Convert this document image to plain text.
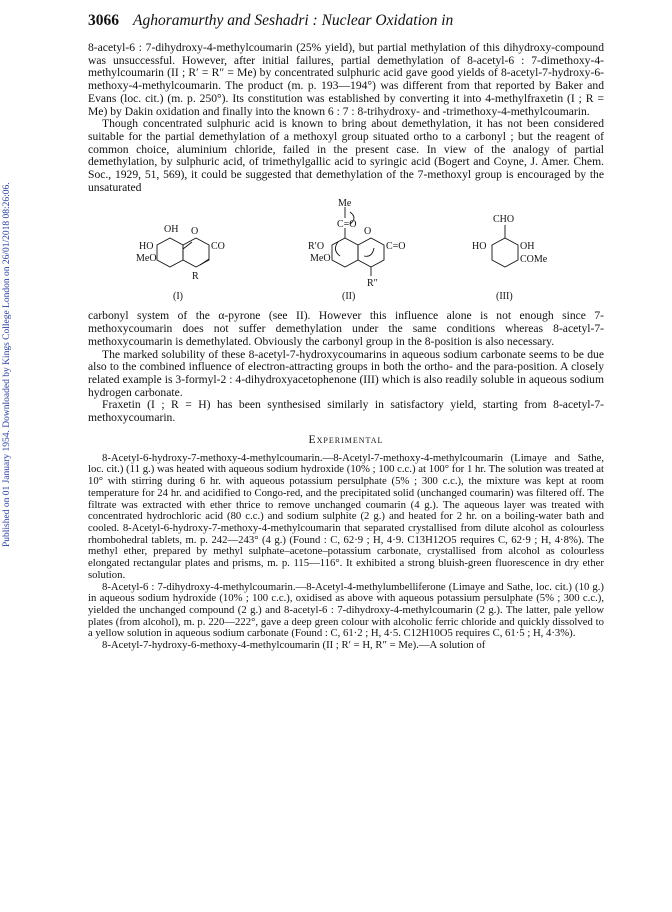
Published on 01 January 1954. Downloaded by Kings College London on 26/01/2018 08:26:06.
3066 Aghoramurthy and Seshadri : Nuclear Oxidation in

8-acetyl-6 : 7-dihydroxy-4-methylcoumarin (25% yield), but partial methylation of this dihydroxy-compound was unsuccessful. However, after initial failures, partial demethylation of 8-acetyl-6 : 7-dimethoxy-4-methylcoumarin (II ; R′ = R″ = Me) by concentrated sulphuric acid gave good yields of 8-acetyl-7-hydroxy-6-methoxy-4-methylcoumarin. The product (m. p. 193—194°) was different from that reported by Baker and Evans (loc. cit.) (m. p. 250°). Its constitution was established by converting it into 4-methylfraxetin (I ; R = Me) by Dakin oxidation and finally into the known 6 : 7 : 8-trihydroxy- and -trimethoxy-4-methylcoumarin.

Though concentrated sulphuric acid is known to bring about demethylation, it has not been considered suitable for the partial demethylation of a methoxyl group situated ortho to a carbonyl ; but the reagent of common choice, aluminium chloride, failed in the present case. In view of the analogy of partial demethylation, by sulphuric acid, of trimethylgallic acid to syringic acid (Bogert and Coyne, J. Amer. Chem. Soc., 1929, 51, 569), it could be suggested that demethylation of the 7-methoxyl group is encouraged by the unsaturated

OH
HO
MeO
O
CO
R
(I)
Me
C=O
R′O
MeO
O
C=O
R″
(II)
CHO
HO	OH
COMe
(III)

carbonyl system of the α-pyrone (see II). However this influence alone is not enough since 7-methoxycoumarin does not suffer demethylation under the same conditions whereas 8-acetyl-7-methoxycoumarin is demethylated. Obviously the carbonyl group in the 8-position is also necessary.

The marked solubility of these 8-acetyl-7-hydroxycoumarins in aqueous sodium carbonate seems to be due also to the combined influence of electron-attracting groups in both the ortho- and the para-position. A closely related example is 3-formyl-2 : 4-dihydroxyacetophenone (III) which is also readily soluble in aqueous sodium hydrogen carbonate.

Fraxetin (I ; R = H) has been synthesised similarly in satisfactory yield, starting from 8-acetyl-7-methoxycoumarin.

Experimental

8-Acetyl-6-hydroxy-7-methoxy-4-methylcoumarin.—8-Acetyl-7-methoxy-4-methylcoumarin (Limaye and Sathe, loc. cit.) (11 g.) was heated with aqueous sodium hydroxide (10% ; 100 c.c.) at 100° for 1 hr. The solution was treated at 10° with stirring during 6 hr. with aqueous potassium persulphate (5% ; 300 c.c.), the mixture was kept at room temperature for 24 hr. and acidified to Congo-red, and the precipitated solid (unchanged coumarin) was filtered off. The filtrate was extracted with ether thrice to remove unchanged coumarin (4 g.). The aqueous layer was treated with concentrated hydrochloric acid (80 c.c.) and sodium sulphite (2 g.) and heated for 2 hr. on a boiling-water bath and cooled. 8-Acetyl-6-hydroxy-7-methoxy-4-methylcoumarin that separated crystallised from dilute alcohol as colourless rhombohedral tablets, m. p. 242—243° (4 g.) (Found : C, 62·9 ; H, 4·9. C13H12O5 requires C, 62·9 ; H, 4·8%). The methyl ether, prepared by methyl sulphate–acetone–potassium carbonate, crystallised from alcohol as colourless elongated rectangular plates and prisms, m. p. 115—116°. It exhibited a strong bluish-green fluorescence in dry ether solution.

8-Acetyl-6 : 7-dihydroxy-4-methylcoumarin.—8-Acetyl-4-methylumbelliferone (Limaye and Sathe, loc. cit.) (10 g.) in aqueous sodium hydroxide (10% ; 100 c.c.), oxidised as above with aqueous potassium persulphate (5% ; 300 c.c.), yielded the unchanged compound (2 g.) and 8-acetyl-6 : 7-dihydroxy-4-methylcoumarin (2 g.). The latter, pale yellow plates (from alcohol), m. p. 220—222°, gave a deep green colour with alcoholic ferric chloride and quickly dissolved to a yellow solution in aqueous sodium carbonate (Found : C, 61·2 ; H, 4·5. C12H10O5 requires C, 61·5 ; H, 4·3%).

8-Acetyl-7-hydroxy-6-methoxy-4-methylcoumarin (II ; R′ = H, R″ = Me).—A solution of
